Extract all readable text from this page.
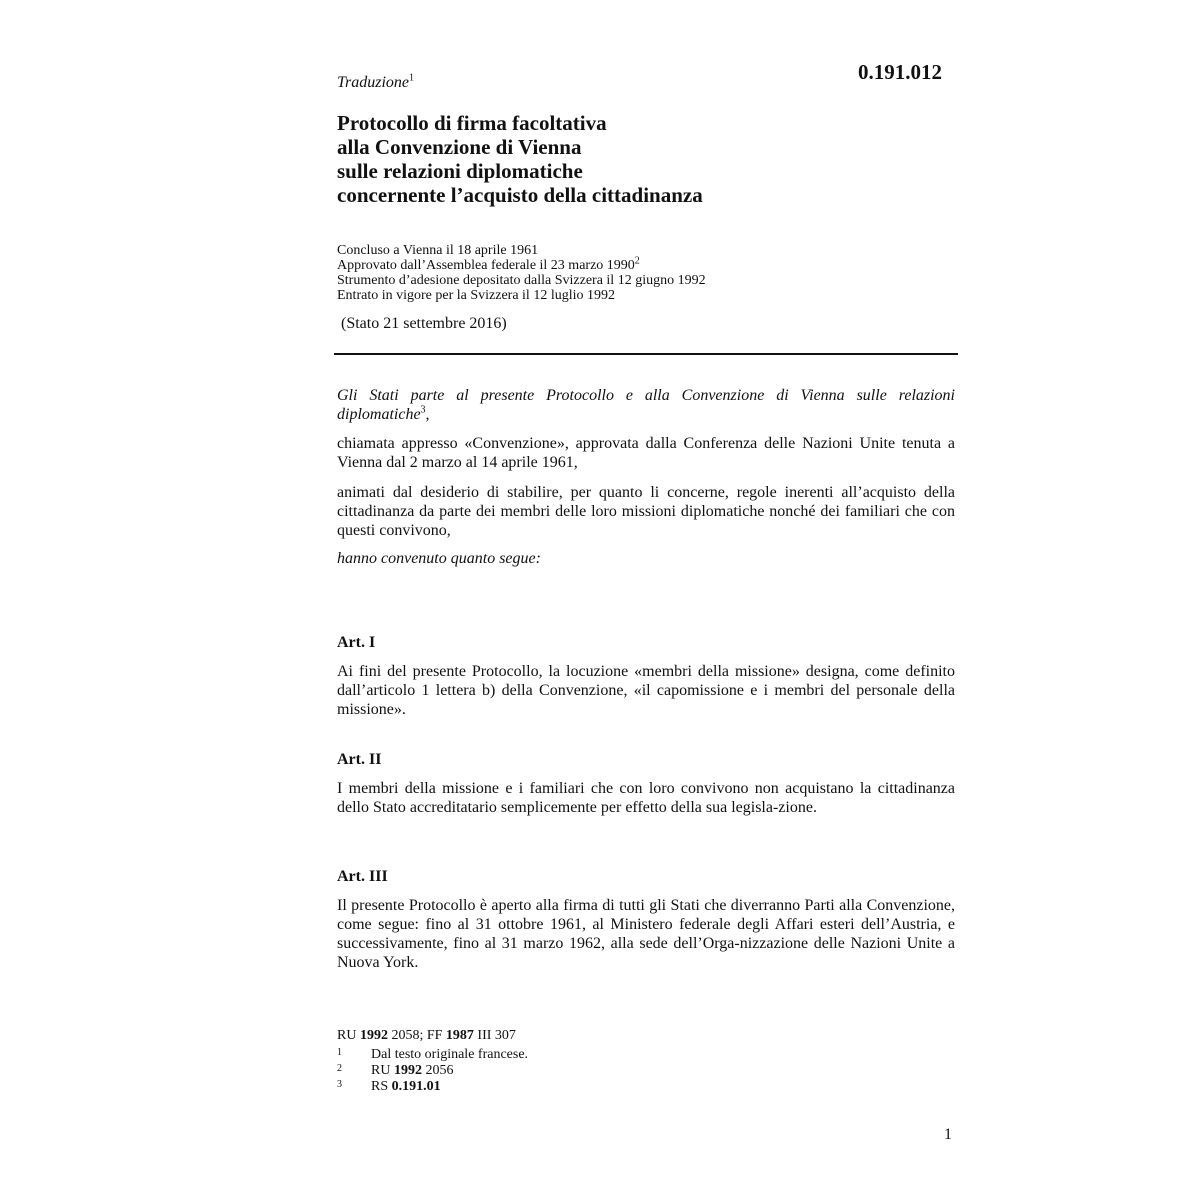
Traduzione$^1$	0.191.012
Protocollo di firma facoltativa
alla Convenzione di Vienna
sulle relazioni diplomatiche
concernente l’acquisto della cittadinanza
Concluso a Vienna il 18 aprile 1961
Approvato dall’Assemblea federale il 23 marzo 1990$^2$
Strumento d’adesione depositato dalla Svizzera il 12 giugno 1992
Entrato in vigore per la Svizzera il 12 luglio 1992
(Stato 21 settembre 2016)

Gli Stati parte al presente Protocollo e alla Convenzione di Vienna sulle relazioni diplomatiche$^3$,

chiamata appresso «Convenzione», approvata dalla Conferenza delle Nazioni Unite tenuta a Vienna dal 2 marzo al 14 aprile 1961,

animati dal desiderio di stabilire, per quanto li concerne, regole inerenti all’acquisto della cittadinanza da parte dei membri delle loro missioni diplomatiche nonché dei familiari che con questi convivono,

hanno convenuto quanto segue:

Art. I

Ai fini del presente Protocollo, la locuzione «membri della missione» designa, come definito dall’articolo 1 lettera b) della Convenzione, «il capomissione e i membri del personale della missione».

Art. II

I membri della missione e i familiari che con loro convivono non acquistano la cittadinanza dello Stato accreditatario semplicemente per effetto della sua legisla-zione.

Art. III

Il presente Protocollo è aperto alla firma di tutti gli Stati che diverranno Parti alla Convenzione, come segue: fino al 31 ottobre 1961, al Ministero federale degli Affari esteri dell’Austria, e successivamente, fino al 31 marzo 1962, alla sede dell’Orga-nizzazione delle Nazioni Unite a Nuova York.

RU 1992 2058; FF 1987 III 307
1	Dal testo originale francese.
2	RU 1992 2056
3	RS 0.191.01
1
